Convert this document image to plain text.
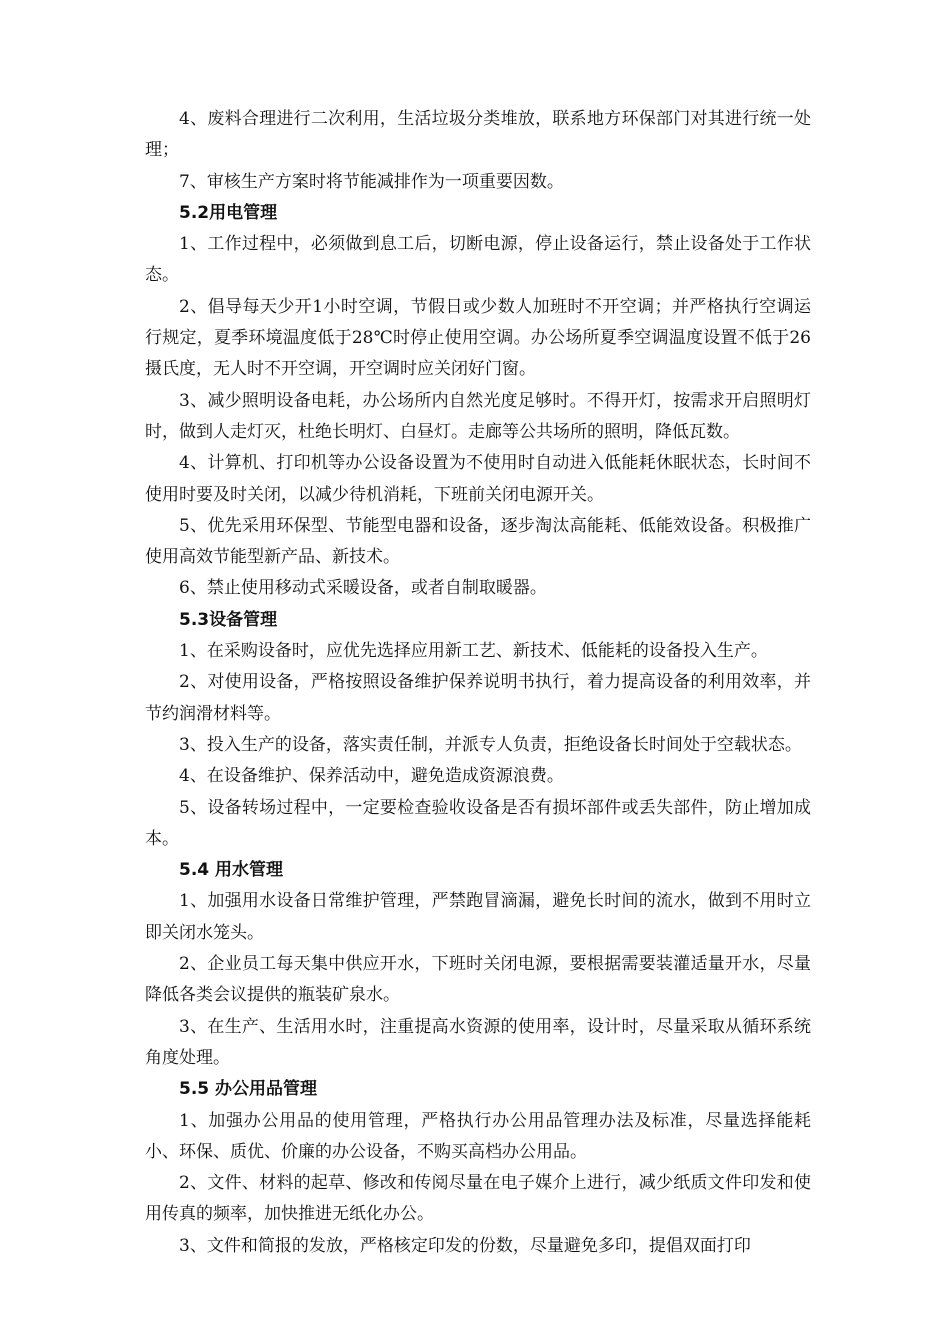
4、废料合理进行二次利用，生活垃圾分类堆放，联系地方环保部门对其进行统一处理；

7、审核生产方案时将节能减排作为一项重要因数。

5.2用电管理

1、工作过程中，必须做到息工后，切断电源，停止设备运行，禁止设备处于工作状态。

2、倡导每天少开1小时空调，节假日或少数人加班时不开空调；并严格执行空调运行规定，夏季环境温度低于28℃时停止使用空调。办公场所夏季空调温度设置不低于26摄氏度，无人时不开空调，开空调时应关闭好门窗。

3、减少照明设备电耗，办公场所内自然光度足够时。不得开灯，按需求开启照明灯时，做到人走灯灭，杜绝长明灯、白昼灯。走廊等公共场所的照明，降低瓦数。

4、计算机、打印机等办公设备设置为不使用时自动进入低能耗休眠状态，长时间不使用时要及时关闭，以减少待机消耗，下班前关闭电源开关。

5、优先采用环保型、节能型电器和设备，逐步淘汰高能耗、低能效设备。积极推广使用高效节能型新产品、新技术。

6、禁止使用移动式采暖设备，或者自制取暖器。

5.3设备管理

1、在采购设备时，应优先选择应用新工艺、新技术、低能耗的设备投入生产。

2、对使用设备，严格按照设备维护保养说明书执行，着力提高设备的利用效率，并节约润滑材料等。

3、投入生产的设备，落实责任制，并派专人负责，拒绝设备长时间处于空载状态。

4、在设备维护、保养活动中，避免造成资源浪费。

5、设备转场过程中，一定要检查验收设备是否有损坏部件或丢失部件，防止增加成本。

5.4 用水管理

1、加强用水设备日常维护管理，严禁跑冒滴漏，避免长时间的流水，做到不用时立即关闭水笼头。

2、企业员工每天集中供应开水，下班时关闭电源，要根据需要装灌适量开水，尽量降低各类会议提供的瓶装矿泉水。

3、在生产、生活用水时，注重提高水资源的使用率，设计时，尽量采取从循环系统角度处理。

5.5 办公用品管理

1、加强办公用品的使用管理，严格执行办公用品管理办法及标准，尽量选择能耗小、环保、质优、价廉的办公设备，不购买高档办公用品。

2、文件、材料的起草、修改和传阅尽量在电子媒介上进行，减少纸质文件印发和使用传真的频率，加快推进无纸化办公。

3、文件和简报的发放，严格核定印发的份数，尽量避免多印，提倡双面打印
